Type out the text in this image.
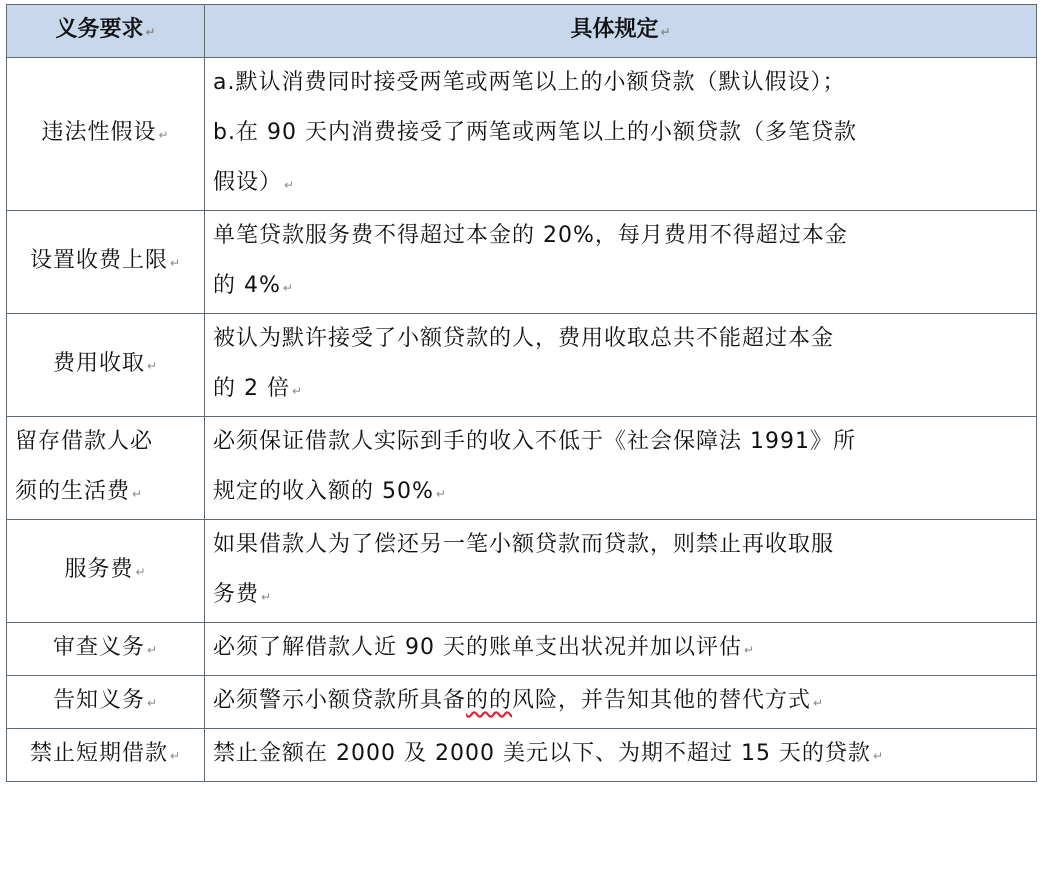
义务要求 ↵	具体规定 ↵
违法性假设 ↵	a.默认消费同时接受两笔或两笔以上的小额贷款（默认假设）；
b.在 90 天内消费接受了两笔或两笔以上的小额贷款（多笔贷款
假设） ↵

设置收费上限 ↵	单笔贷款服务费不得超过本金的 20%，每月费用不得超过本金
的 4% ↵

费用收取 ↵	被认为默许接受了小额贷款的人，费用收取总共不能超过本金
的 2 倍 ↵

留存借款人必
须的生活费 ↵	必须保证借款人实际到手的收入不低于《社会保障法 1991》所
规定的收入额的 50% ↵

服务费 ↵	如果借款人为了偿还另一笔小额贷款而贷款，则禁止再收取服
务费 ↵

审查义务 ↵	必须了解借款人近 90 天的账单支出状况并加以评估 ↵
告知义务 ↵	必须警示小额贷款所具备的的风险，并告知其他的替代方式 ↵
禁止短期借款 ↵	禁止金额在 2000 及 2000 美元以下、为期不超过 15 天的贷款 ↵
